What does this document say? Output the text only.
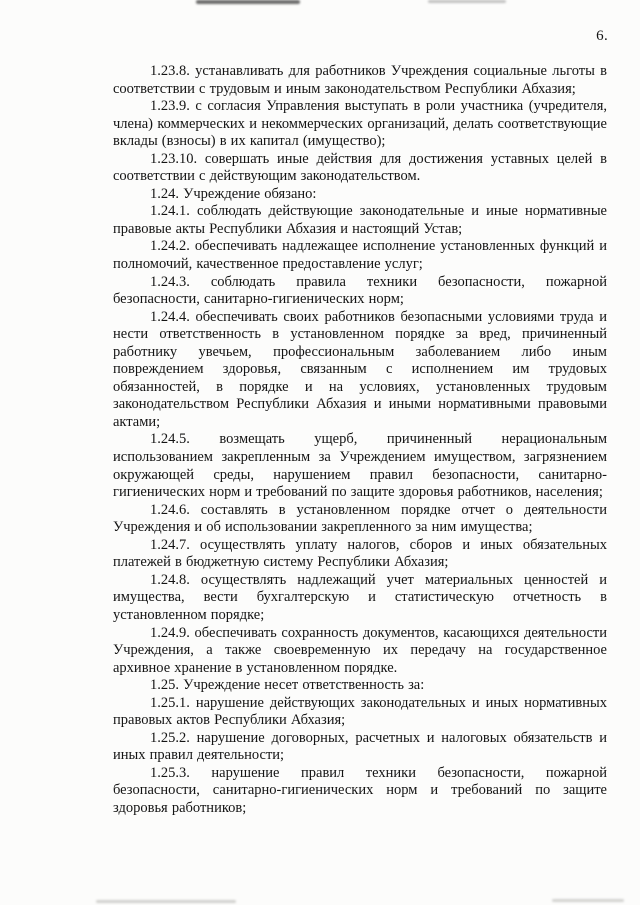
6.

1.23.8. устанавливать для работников Учреждения социальные льготы в соответствии с трудовым и иным законодательством Республики Абхазия;

1.23.9. с согласия Управления выступать в роли участника (учредителя, члена) коммерческих и некоммерческих организаций, делать соответствующие вклады (взносы) в их капитал (имущество);

1.23.10. совершать иные действия для достижения уставных целей в соответствии с действующим законодательством.

1.24. Учреждение обязано:

1.24.1. соблюдать действующие законодательные и иные нормативные правовые акты Республики Абхазия и настоящий Устав;

1.24.2. обеспечивать надлежащее исполнение установленных функций и полномочий, качественное предоставление услуг;

1.24.3. соблюдать правила техники безопасности, пожарной безопасности, санитарно-гигиенических норм;

1.24.4. обеспечивать своих работников безопасными условиями труда и нести ответственность в установленном порядке за вред, причиненный работнику увечьем, профессиональным заболеванием либо иным повреждением здоровья, связанным с исполнением им трудовых обязанностей, в порядке и на условиях, установленных трудовым законодательством Республики Абхазия и иными нормативными правовыми актами;

1.24.5. возмещать ущерб, причиненный нерациональным использованием закрепленным за Учреждением имуществом, загрязнением окружающей среды, нарушением правил безопасности, санитарно-гигиенических норм и требований по защите здоровья работников, населения;

1.24.6. составлять в установленном порядке отчет о деятельности Учреждения и об использовании закрепленного за ним имущества;

1.24.7. осуществлять уплату налогов, сборов и иных обязательных платежей в бюджетную систему Республики Абхазия;

1.24.8. осуществлять надлежащий учет материальных ценностей и имущества, вести бухгалтерскую и статистическую отчетность в установленном порядке;

1.24.9. обеспечивать сохранность документов, касающихся деятельности Учреждения, а также своевременную их передачу на государственное архивное хранение в установленном порядке.

1.25. Учреждение несет ответственность за:

1.25.1. нарушение действующих законодательных и иных нормативных правовых актов Республики Абхазия;

1.25.2. нарушение договорных, расчетных и налоговых обязательств и иных правил деятельности;

1.25.3. нарушение правил техники безопасности, пожарной безопасности, санитарно-гигиенических норм и требований по защите здоровья работников;
